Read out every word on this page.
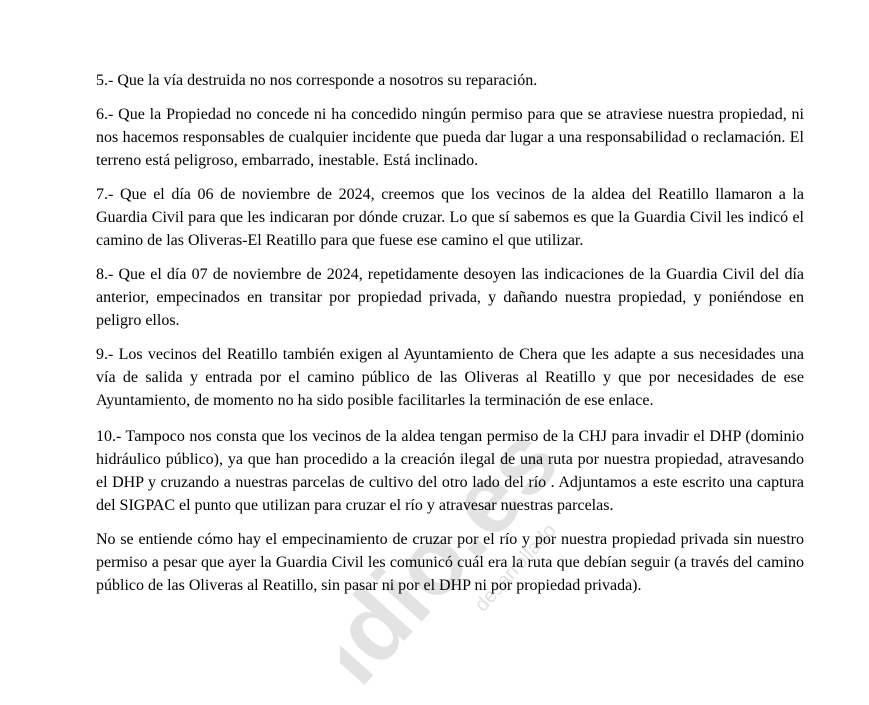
idio.es
desarrollado

5.- Que la vía destruida no nos corresponde a nosotros su reparación.

6.- Que la Propiedad no concede ni ha concedido ningún permiso para que se atraviese nuestra propiedad, ni nos hacemos responsables de cualquier incidente que pueda dar lugar a una responsabilidad o reclamación. El terreno está peligroso, embarrado, inestable. Está inclinado.

7.- Que el día 06 de noviembre de 2024, creemos que los vecinos de la aldea del Reatillo llamaron a la Guardia Civil para que les indicaran por dónde cruzar. Lo que sí sabemos es que la Guardia Civil les indicó el camino de las Oliveras-El Reatillo para que fuese ese camino el que utilizar.

8.- Que el día 07 de noviembre de 2024, repetidamente desoyen las indicaciones de la Guardia Civil del día anterior, empecinados en transitar por propiedad privada, y dañando nuestra propiedad, y poniéndose en peligro ellos.

9.- Los vecinos del Reatillo también exigen al Ayuntamiento de Chera que les adapte a sus necesidades una vía de salida y entrada por el camino público de las Oliveras al Reatillo y que por necesidades de ese Ayuntamiento, de momento no ha sido posible facilitarles la terminación de ese enlace.

10.- Tampoco nos consta que los vecinos de la aldea tengan permiso de la CHJ para invadir el DHP (dominio hidráulico público), ya que han procedido a la creación ilegal de una ruta por nuestra propiedad, atravesando el DHP y cruzando a nuestras parcelas de cultivo del otro lado del río . Adjuntamos a este escrito una captura del SIGPAC el punto que utilizan para cruzar el río y atravesar nuestras parcelas.

No se entiende cómo hay el empecinamiento de cruzar por el río y por nuestra propiedad privada sin nuestro permiso a pesar que ayer la Guardia Civil les comunicó cuál era la ruta que debían seguir (a través del camino público de las Oliveras al Reatillo, sin pasar ni por el DHP ni por propiedad privada).
